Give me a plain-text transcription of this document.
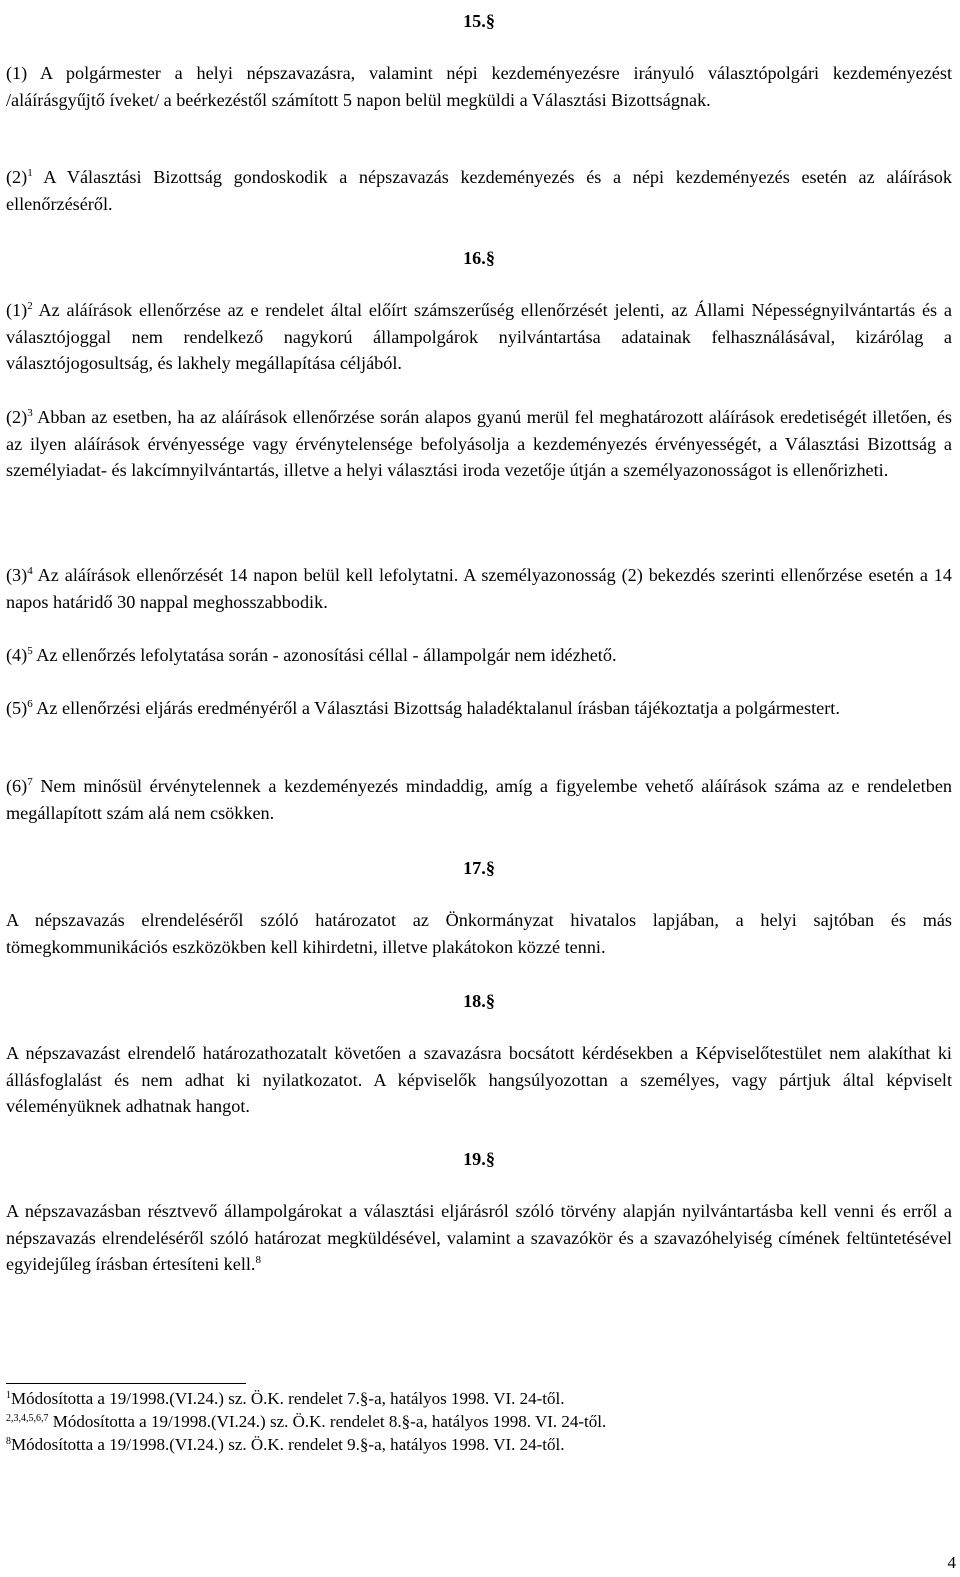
15.§

(1) A polgármester a helyi népszavazásra, valamint népi kezdeményezésre irányuló választópolgári kezdeményezést /aláírásgyűjtő íveket/ a beérkezéstől számított 5 napon belül megküldi a Választási Bizottságnak.

$(2)^1$ A Választási Bizottság gondoskodik a népszavazás kezdeményezés és a népi kezdeményezés esetén az aláírások ellenőrzéséről.

16.§

$(1)^2$ Az aláírások ellenőrzése az e rendelet által előírt számszerűség ellenőrzését jelenti, az Állami Népességnyilvántartás és a választójoggal nem rendelkező nagykorú állampolgárok nyilvántartása adatainak felhasználásával, kizárólag a választójogosultság, és lakhely megállapítása céljából.

$(2)^3$ Abban az esetben, ha az aláírások ellenőrzése során alapos gyanú merül fel meghatározott aláírások eredetiségét illetően, és az ilyen aláírások érvényessége vagy érvénytelensége befolyásolja a kezdeményezés érvényességét, a Választási Bizottság a személyiadat- és lakcímnyilvántartás, illetve a helyi választási iroda vezetője útján a személyazonosságot is ellenőrizheti.

$(3)^4$ Az aláírások ellenőrzését 14 napon belül kell lefolytatni. A személyazonosság (2) bekezdés szerinti ellenőrzése esetén a 14 napos határidő 30 nappal meghosszabbodik.

$(4)^5$ Az ellenőrzés lefolytatása során - azonosítási céllal - állampolgár nem idézhető.

$(5)^6$ Az ellenőrzési eljárás eredményéről a Választási Bizottság haladéktalanul írásban tájékoztatja a polgármestert.

$(6)^7$ Nem minősül érvénytelennek a kezdeményezés mindaddig, amíg a figyelembe vehető aláírások száma az e rendeletben megállapított szám alá nem csökken.

17.§

A népszavazás elrendeléséről szóló határozatot az Önkormányzat hivatalos lapjában, a helyi sajtóban és más tömegkommunikációs eszközökben kell kihirdetni, illetve plakátokon közzé tenni.

18.§

A népszavazást elrendelő határozathozatalt követően a szavazásra bocsátott kérdésekben a Képviselőtestület nem alakíthat ki állásfoglalást és nem adhat ki nyilatkozatot. A képviselők hangsúlyozottan a személyes, vagy pártjuk által képviselt véleményüknek adhatnak hangot.

19.§

A népszavazásban résztvevő állampolgárokat a választási eljárásról szóló törvény alapján nyilvántartásba kell venni és erről a népszavazás elrendeléséről szóló határozat megküldésével, valamint a szavazókör és a szavazóhelyiség címének feltüntetésével egyidejűleg írásban értesíteni kell.$^8$

$^1$Módosította a 19/1998.(VI.24.) sz. Ö.K. rendelet 7.§-a, hatályos 1998. VI. 24-től.
$^{2,3,4,5,6,7}$ Módosította a 19/1998.(VI.24.) sz. Ö.K. rendelet 8.§-a, hatályos 1998. VI. 24-től.
$^8$Módosította a 19/1998.(VI.24.) sz. Ö.K. rendelet 9.§-a, hatályos 1998. VI. 24-től.
4
